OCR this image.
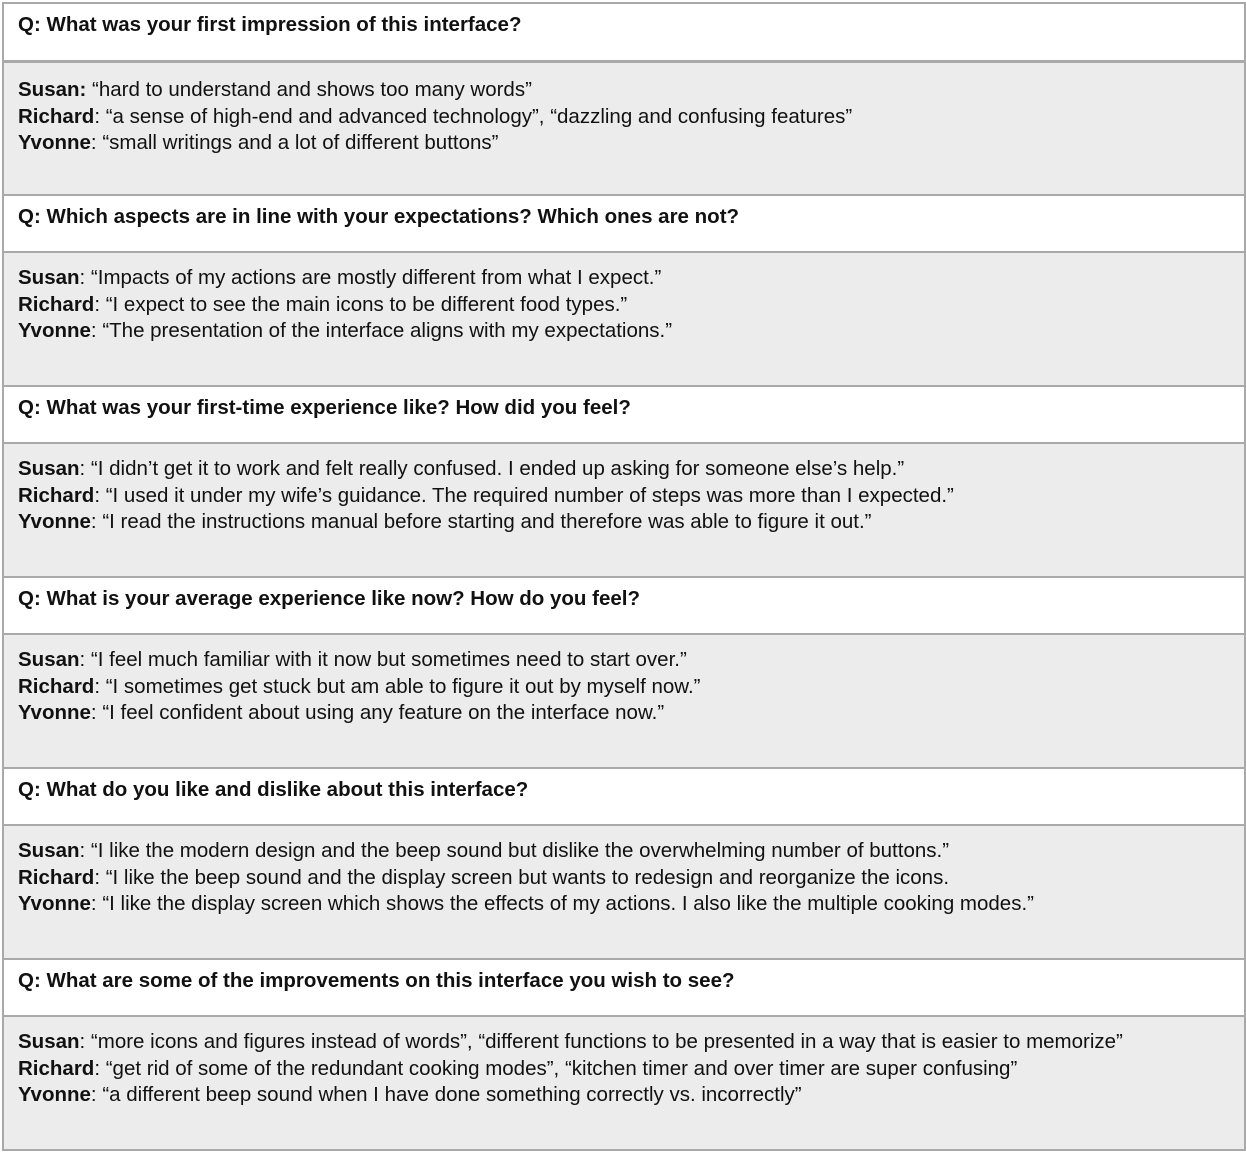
Q: What was your first impression of this interface?
Susan: “hard to understand and shows too many words”
Richard: “a sense of high-end and advanced technology”, “dazzling and confusing features”
Yvonne: “small writings and a lot of different buttons”
Q: Which aspects are in line with your expectations? Which ones are not?
Susan: “Impacts of my actions are mostly different from what I expect.”
Richard: “I expect to see the main icons to be different food types.”
Yvonne: “The presentation of the interface aligns with my expectations.”
Q: What was your first-time experience like? How did you feel?
Susan: “I didn’t get it to work and felt really confused. I ended up asking for someone else’s help.”
Richard: “I used it under my wife’s guidance. The required number of steps was more than I expected.”
Yvonne: “I read the instructions manual before starting and therefore was able to figure it out.”
Q: What is your average experience like now? How do you feel?
Susan: “I feel much familiar with it now but sometimes need to start over.”
Richard: “I sometimes get stuck but am able to figure it out by myself now.”
Yvonne: “I feel confident about using any feature on the interface now.”
Q: What do you like and dislike about this interface?
Susan: “I like the modern design and the beep sound but dislike the overwhelming number of buttons.”
Richard: “I like the beep sound and the display screen but wants to redesign and reorganize the icons.
Yvonne: “I like the display screen which shows the effects of my actions. I also like the multiple cooking modes.”
Q: What are some of the improvements on this interface you wish to see?
Susan: “more icons and figures instead of words”, “different functions to be presented in a way that is easier to memorize”
Richard: “get rid of some of the redundant cooking modes”, “kitchen timer and over timer are super confusing”
Yvonne: “a different beep sound when I have done something correctly vs. incorrectly”
